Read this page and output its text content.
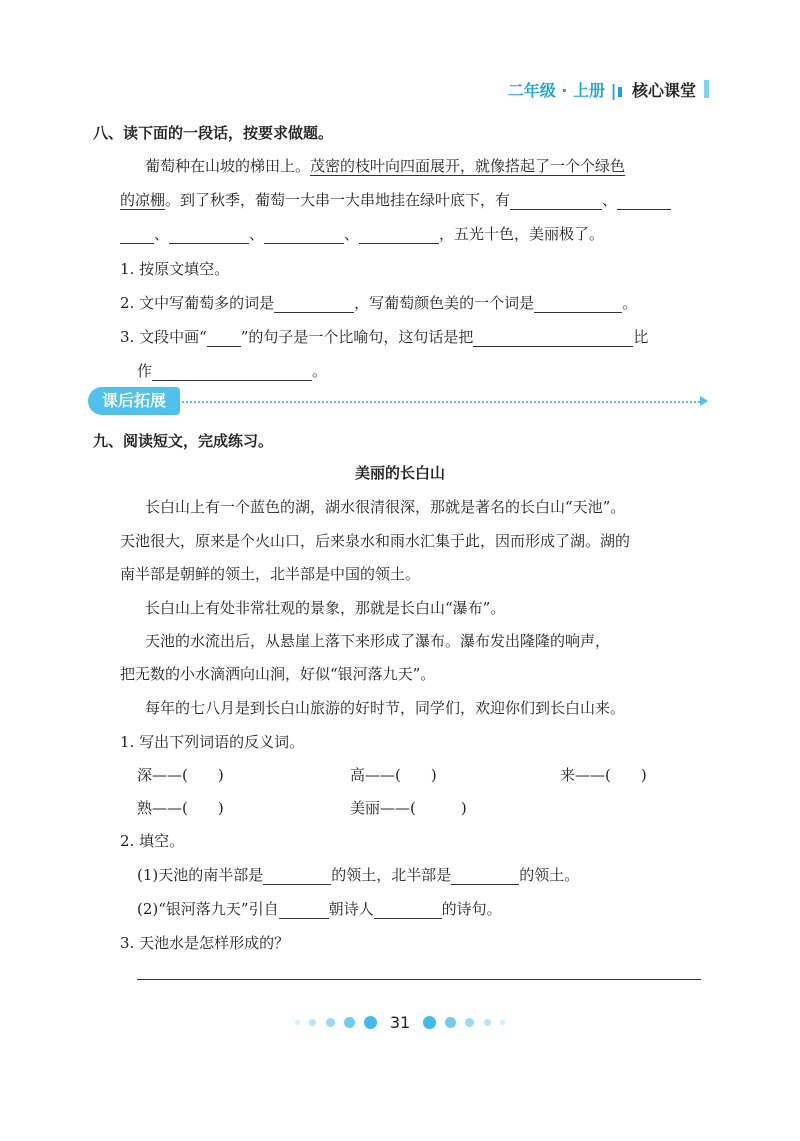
二年级 · 上册 | 核心课堂
八、读下面的一段话，按要求做题。
葡萄种在山坡的梯田上。茂密的枝叶向四面展开，就像搭起了一个个绿色
的凉棚。到了秋季，葡萄一大串一大串地挂在绿叶底下，有	、
、	、	、	，五光十色，美丽极了。
1. 按原文填空。
2. 文中写葡萄多的词是	，写葡萄颜色美的一个词是	。
3. 文段中画“ ”的句子是一个比喻句，这句话是把	比
作	。
课后拓展
九、阅读短文，完成练习。
美丽的长白山
长白山上有一个蓝色的湖，湖水很清很深，那就是著名的长白山“天池”。
天池很大，原来是个火山口，后来泉水和雨水汇集于此，因而形成了湖。湖的
南半部是朝鲜的领土，北半部是中国的领土。
长白山上有处非常壮观的景象，那就是长白山“瀑布”。
天池的水流出后，从悬崖上落下来形成了瀑布。瀑布发出隆隆的响声，
把无数的小水滴洒向山涧，好似“银河落九天”。
每年的七八月是到长白山旅游的好时节，同学们，欢迎你们到长白山来。
1. 写出下列词语的反义词。
深——(　　)	高——(　　)	来——(　　)
熟——(　　)	美丽——(　　　)
2. 填空。
(1)天池的南半部是	的领土，北半部是	的领土。
(2)“银河落九天”引自	朝诗人	的诗句。
3. 天池水是怎样形成的？
31
